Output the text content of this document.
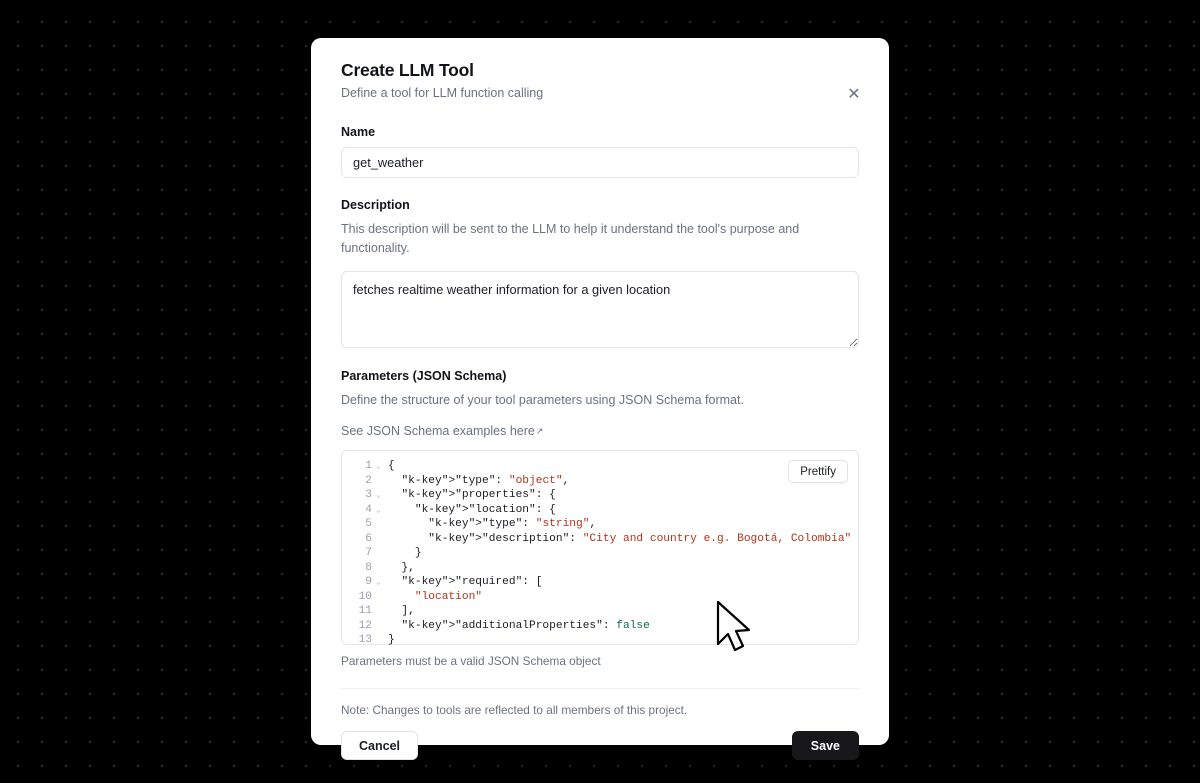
✕
Create LLM Tool

Define a tool for LLM function calling

Name

get_weather

Description

This description will be sent to the LLM to help it understand the tool's purpose and functionality.

fetches realtime weather information for a given location

Parameters (JSON Schema)

Define the structure of your tool parameters using JSON Schema format.

See JSON Schema examples here↗
Prettify
1
2
3
4
5
6
7
8
9
10
11
12
13
⌄

⌄
⌄

⌄

{
"k-key">"type": "object",
"k-key">"properties": {
"k-key">"location": {
"k-key">"type": "string",
"k-key">"description": "City and country e.g. Bogotá, Colombia"
}
},
"k-key">"required": [
"location"
],
"k-key">"additionalProperties": false
}

Parameters must be a valid JSON Schema object

Note: Changes to tools are reflected to all members of this project.

Cancel	Save
